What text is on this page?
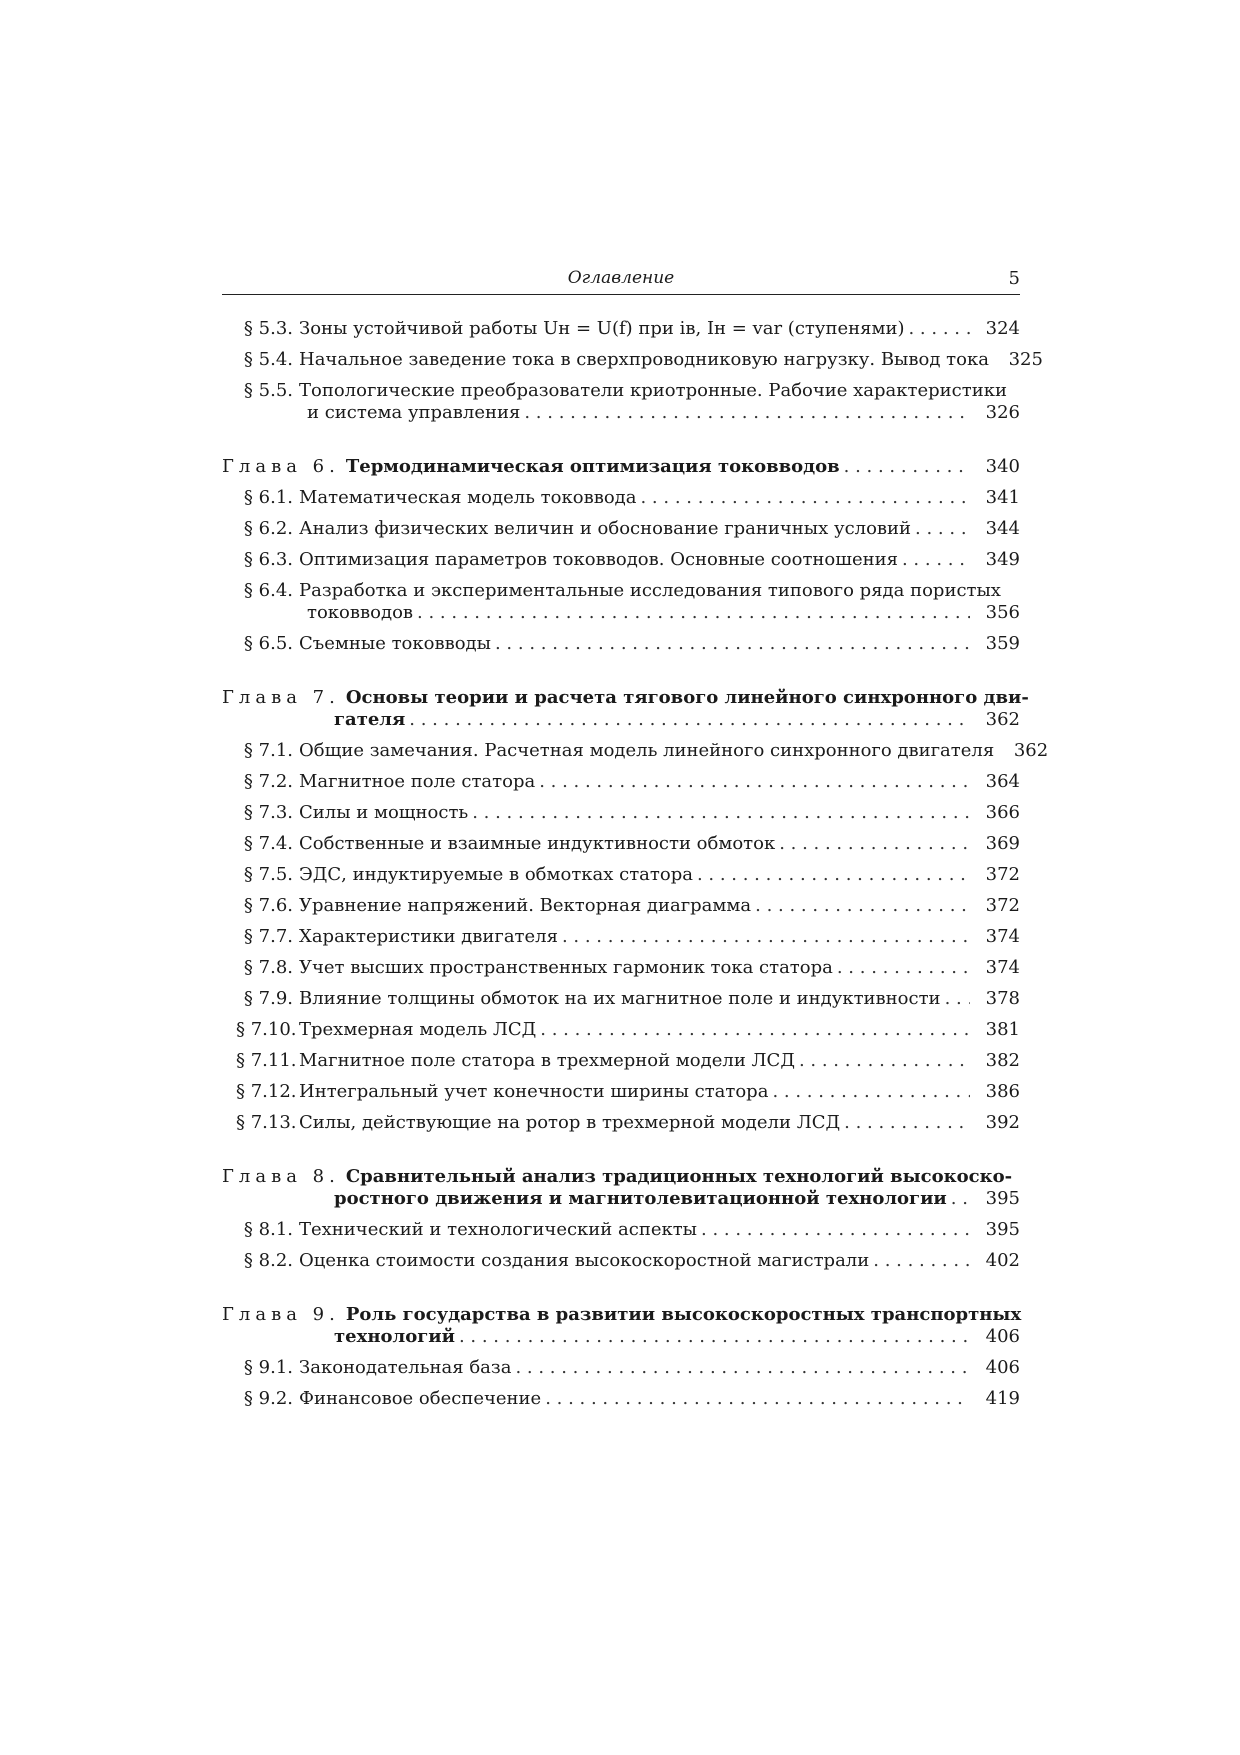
Оглавление	5
§ 5.3. Зоны устойчивой работы Uн = U(f) при iв, Iн = var (ступенями) . . .	324
§ 5.4. Начальное заведение тока в сверхпроводниковую нагрузку. Вывод тока	325
§ 5.5. Топологические преобразователи криотронные. Рабочие характеристики
и система управления . . .	326
Глава 6. Термодинамическая оптимизация токовводов . . .	340
§ 6.1. Математическая модель токоввода . . .	341
§ 6.2. Анализ физических величин и обоснование граничных условий . . .	344
§ 6.3. Оптимизация параметров токовводов. Основные соотношения . . .	349
§ 6.4. Разработка и экспериментальные исследования типового ряда пористых
токовводов . . .	356
§ 6.5. Съемные токовводы . . .	359
Глава 7. Основы теории и расчета тягового линейного синхронного дви-
гателя . . .	362
§ 7.1. Общие замечания. Расчетная модель линейного синхронного двигателя	362
§ 7.2. Магнитное поле статора . . .	364
§ 7.3. Силы и мощность . . .	366
§ 7.4. Собственные и взаимные индуктивности обмоток . . .	369
§ 7.5. ЭДС, индуктируемые в обмотках статора . . .	372
§ 7.6. Уравнение напряжений. Векторная диаграмма . . .	372
§ 7.7. Характеристики двигателя . . .	374
§ 7.8. Учет высших пространственных гармоник тока статора . . .	374
§ 7.9. Влияние толщины обмоток на их магнитное поле и индуктивности . . .	378
§ 7.10. Трехмерная модель ЛСД . . .	381
§ 7.11. Магнитное поле статора в трехмерной модели ЛСД . . .	382
§ 7.12. Интегральный учет конечности ширины статора . . .	386
§ 7.13. Силы, действующие на ротор в трехмерной модели ЛСД . . .	392
Глава 8. Сравнительный анализ традиционных технологий высокоско-
ростного движения и магнитолевитационной технологии . . .	395
§ 8.1. Технический и технологический аспекты . . .	395
§ 8.2. Оценка стоимости создания высокоскоростной магистрали . . .	402
Глава 9. Роль государства в развитии высокоскоростных транспортных
технологий . . .	406
§ 9.1. Законодательная база . . .	406
§ 9.2. Финансовое обеспечение . . .	419
